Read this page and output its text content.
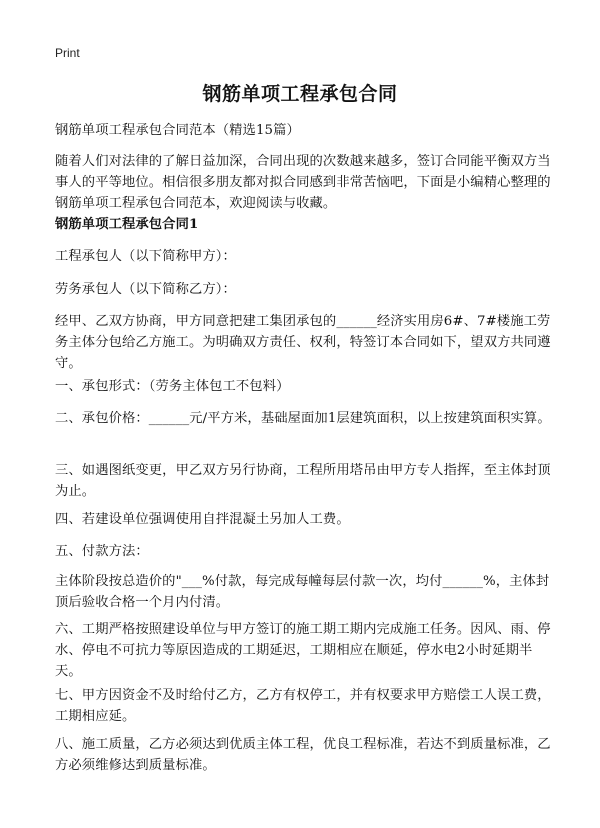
Print
钢筋单项工程承包合同

钢筋单项工程承包合同范本（精选15篇）

随着人们对法律的了解日益加深，合同出现的次数越来越多，签订合同能平衡双方当事人的平等地位。相信很多朋友都对拟合同感到非常苦恼吧，下面是小编精心整理的钢筋单项工程承包合同范本，欢迎阅读与收藏。

钢筋单项工程承包合同1

工程承包人（以下简称甲方）：

劳务承包人（以下简称乙方）：

经甲、乙双方协商，甲方同意把建工集团承包的______经济实用房6#、7#楼施工劳务主体分包给乙方施工。为明确双方责任、权利，特签订本合同如下，望双方共同遵守。

一、承包形式：（劳务主体包工不包料）

二、承包价格：______元/平方米，基础屋面加1层建筑面积，以上按建筑面积实算。

三、如遇图纸变更，甲乙双方另行协商，工程所用塔吊由甲方专人指挥，至主体封顶为止。

四、若建设单位强调使用自拌混凝土另加人工费。

五、付款方法：

主体阶段按总造价的"___%付款，每完成每幢每层付款一次，均付______%，主体封顶后验收合格一个月内付清。

六、工期严格按照建设单位与甲方签订的施工期工期内完成施工任务。因风、雨、停水、停电不可抗力等原因造成的工期延迟，工期相应在顺延，停水电2小时延期半天。

七、甲方因资金不及时给付乙方，乙方有权停工，并有权要求甲方赔偿工人误工费，工期相应延。

八、施工质量，乙方必须达到优质主体工程，优良工程标准，若达不到质量标准，乙方必须维修达到质量标准。
